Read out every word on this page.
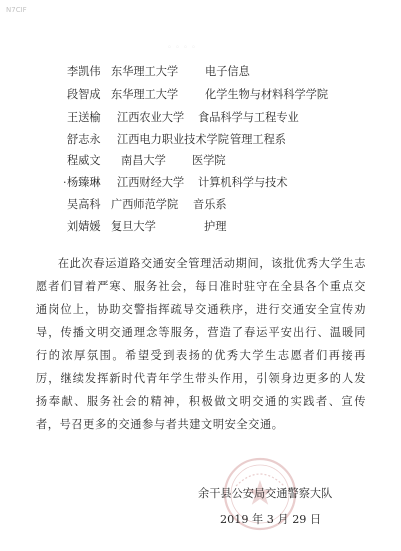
N7CIF
。。。。
李凯伟 东华理工大学 电子信息
段智成 东华理工大学 化学生物与材料科学学院
王送榆 江西农业大学 食品科学与工程专业
舒志永 江西电力职业技术学院 管理工程系
程威文 南昌大学 医学院
· 杨臻琳 江西财经大学 计算机科学与技术
吴高科 广西师范学院 音乐系
刘婧媛 复旦大学	护理

在此次春运道路交通安全管理活动期间，该批优秀大学生志愿者们冒着严寒、服务社会，每日准时驻守在全县各个重点交通岗位上，协助交警指挥疏导交通秩序，进行交通安全宣传劝导，传播文明交通理念等服务，营造了春运平安出行、温暖同行的浓厚氛围。希望受到表扬的优秀大学生志愿者们再接再厉，继续发挥新时代青年学生带头作用，引领身边更多的人发扬奉献、服务社会的精神，积极做文明交通的实践者、宣传者，号召更多的交通参与者共建文明安全交通。

余干县公安局交通警察大队
2019 年 3 月 29 日
